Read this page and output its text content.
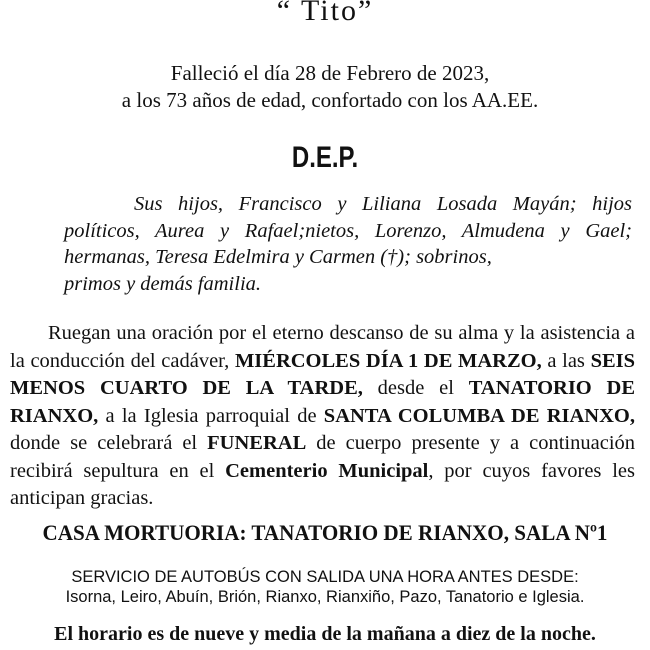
“ Tito”
Falleció el día 28 de Febrero de 2023,
a los 73 años de edad, confortado con los AA.EE.
D.E.P.
Sus hijos, Francisco y Liliana Losada Mayán; hijos políticos, Aurea y Rafael;nietos, Lorenzo, Almudena y Gael; hermanas, Teresa Edelmira y Carmen (†); sobrinos,
primos y demás familia.
Ruegan una oración por el eterno descanso de su alma y la asistencia a la conducción del cadáver, MIÉRCOLES DÍA 1 DE MARZO, a las SEIS MENOS CUARTO DE LA TARDE, desde el TANATORIO DE RIANXO, a la Iglesia parroquial de SANTA COLUMBA DE RIANXO, donde se celebrará el FUNERAL de cuerpo presente y a continuación recibirá sepultura en el Cementerio Municipal, por cuyos favores les anticipan gracias.
CASA MORTUORIA: TANATORIO DE RIANXO, SALA Nº1
SERVICIO DE AUTOBÚS CON SALIDA UNA HORA ANTES DESDE:
Isorna, Leiro, Abuín, Brión, Rianxo, Rianxiño, Pazo, Tanatorio e Iglesia.
El horario es de nueve y media de la mañana a diez de la noche.
